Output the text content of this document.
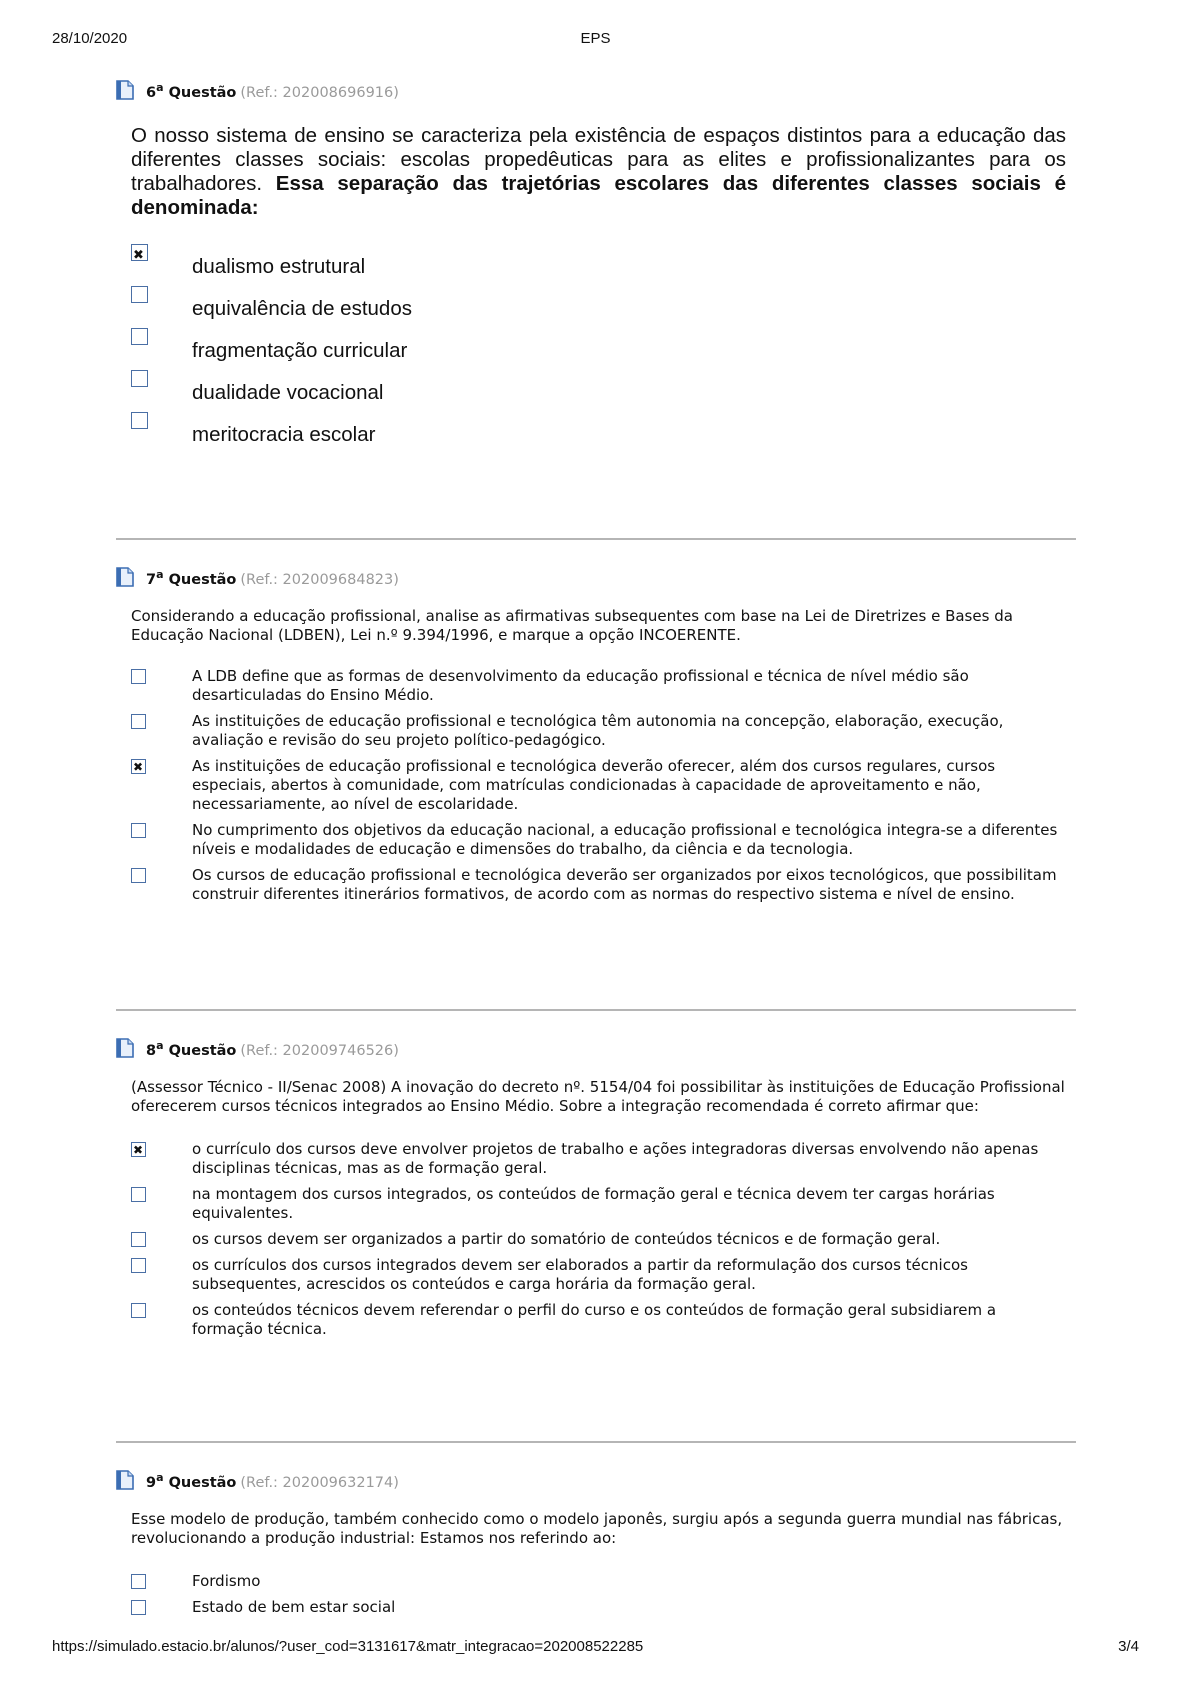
28/10/2020	EPS
6$^a$ Questão (Ref.: 202008696916)
O nosso sistema de ensino se caracteriza pela existência de espaços distintos para a educação das diferentes classes sociais: escolas propedêuticas para as elites e profissionalizantes para os trabalhadores. Essa separação das trajetórias escolares das diferentes classes sociais é denominada:
✖
dualismo estrutural
equivalência de estudos
fragmentação curricular
dualidade vocacional
meritocracia escolar
7$^a$ Questão (Ref.: 202009684823)
Considerando a educação profissional, analise as afirmativas subsequentes com base na Lei de Diretrizes e Bases da Educação Nacional (LDBEN), Lei n.º 9.394/1996, e marque a opção INCOERENTE.
A LDB define que as formas de desenvolvimento da educação profissional e técnica de nível médio são desarticuladas do Ensino Médio.
As instituições de educação profissional e tecnológica têm autonomia na concepção, elaboração, execução, avaliação e revisão do seu projeto político-pedagógico.
✖
As instituições de educação profissional e tecnológica deverão oferecer, além dos cursos regulares, cursos especiais, abertos à comunidade, com matrículas condicionadas à capacidade de aproveitamento e não, necessariamente, ao nível de escolaridade.
No cumprimento dos objetivos da educação nacional, a educação profissional e tecnológica integra-se a diferentes níveis e modalidades de educação e dimensões do trabalho, da ciência e da tecnologia.
Os cursos de educação profissional e tecnológica deverão ser organizados por eixos tecnológicos, que possibilitam construir diferentes itinerários formativos, de acordo com as normas do respectivo sistema e nível de ensino.
8$^a$ Questão (Ref.: 202009746526)
(Assessor Técnico - II/Senac 2008) A inovação do decreto nº. 5154/04 foi possibilitar às instituições de Educação Profissional oferecerem cursos técnicos integrados ao Ensino Médio. Sobre a integração recomendada é correto afirmar que:
✖
o currículo dos cursos deve envolver projetos de trabalho e ações integradoras diversas envolvendo não apenas disciplinas técnicas, mas as de formação geral.
na montagem dos cursos integrados, os conteúdos de formação geral e técnica devem ter cargas horárias equivalentes.
os cursos devem ser organizados a partir do somatório de conteúdos técnicos e de formação geral.
os currículos dos cursos integrados devem ser elaborados a partir da reformulação dos cursos técnicos subsequentes, acrescidos os conteúdos e carga horária da formação geral.
os conteúdos técnicos devem referendar o perfil do curso e os conteúdos de formação geral subsidiarem a formação técnica.
9$^a$ Questão (Ref.: 202009632174)
Esse modelo de produção, também conhecido como o modelo japonês, surgiu após a segunda guerra mundial nas fábricas, revolucionando a produção industrial: Estamos nos referindo ao:
Fordismo
Estado de bem estar social
https://simulado.estacio.br/alunos/?user_cod=3131617&matr_integracao=202008522285	3/4
